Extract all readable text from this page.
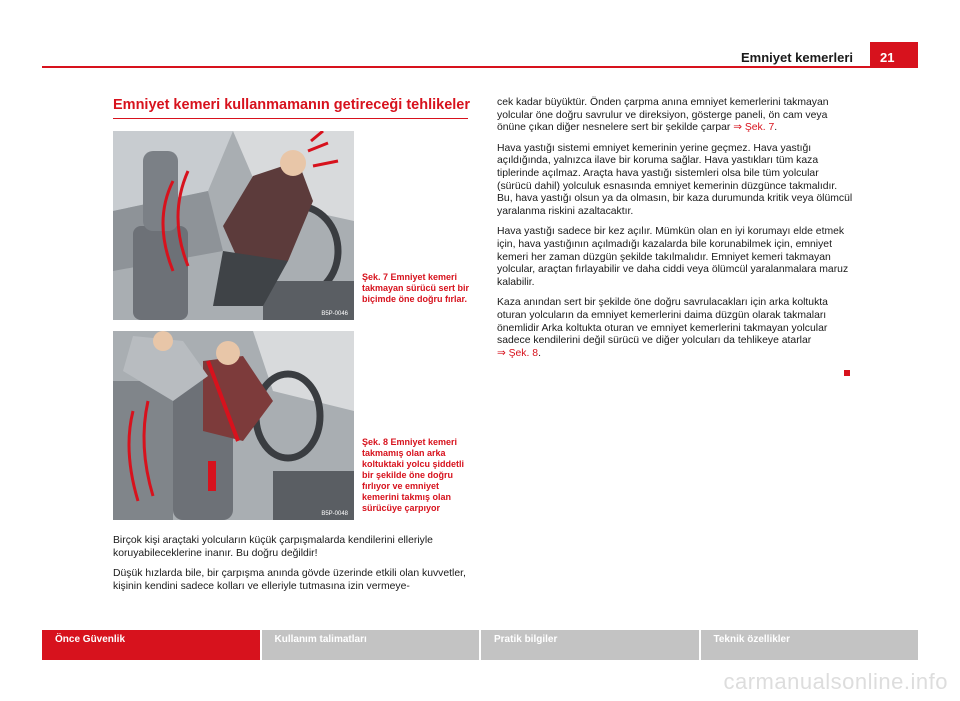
Emniyet kemerleri	21
Emniyet kemeri kullanmamanın getireceği tehlikeler
B5P-0046
Şek. 7 Emniyet kemeri takmayan sürücü sert bir biçimde öne doğru fırlar.
B5P-0048
Şek. 8 Emniyet kemeri takmamış olan arka koltuktaki yolcu şiddetli bir şekilde öne doğru fırlıyor ve emniyet kemerini takmış olan sürücüye çarpıyor

Birçok kişi araçtaki yolcuların küçük çarpışmalarda kendilerini elleriyle koruyabileceklerine inanır. Bu doğru değildir!

Düşük hızlarda bile, bir çarpışma anında gövde üzerinde etkili olan kuvvetler, kişinin kendini sadece kolları ve elleriyle tutmasına izin vermeye-

cek kadar büyüktür. Önden çarpma anına emniyet kemerlerini takmayan yolcular öne doğru savrulur ve direksiyon, gösterge paneli, ön cam veya önüne çıkan diğer nesnelere sert bir şekilde çarpar ⇒ Şek. 7.

Hava yastığı sistemi emniyet kemerinin yerine geçmez. Hava yastığı açıldığında, yalnızca ilave bir koruma sağlar. Hava yastıkları tüm kaza tiplerinde açılmaz. Araçta hava yastığı sistemleri olsa bile tüm yolcular (sürücü dahil) yolculuk esnasında emniyet kemerinin düzgünce takmalıdır. Bu, hava yastığı olsun ya da olmasın, bir kaza durumunda kritik veya ölümcül yaralanma riskini azaltacaktır.

Hava yastığı sadece bir kez açılır. Mümkün olan en iyi korumayı elde etmek için, hava yastığının açılmadığı kazalarda bile korunabilmek için, emniyet kemeri her zaman düzgün şekilde takılmalıdır. Emniyet kemeri takmayan yolcular, araçtan fırlayabilir ve daha ciddi veya ölümcül yaralanmalara maruz kalabilir.

Kaza anından sert bir şekilde öne doğru savrulacakları için arka koltukta oturan yolcuların da emniyet kemerlerini daima düzgün olarak takmaları önemlidir Arka koltukta oturan ve emniyet kemerlerini takmayan yolcular sadece kendilerini değil sürücü ve diğer yolcuları da tehlikeye atarlar
⇒ Şek. 8.

Önce Güvenlik	Kullanım talimatları	Pratik bilgiler	Teknik özellikler
carmanualsonline.info
